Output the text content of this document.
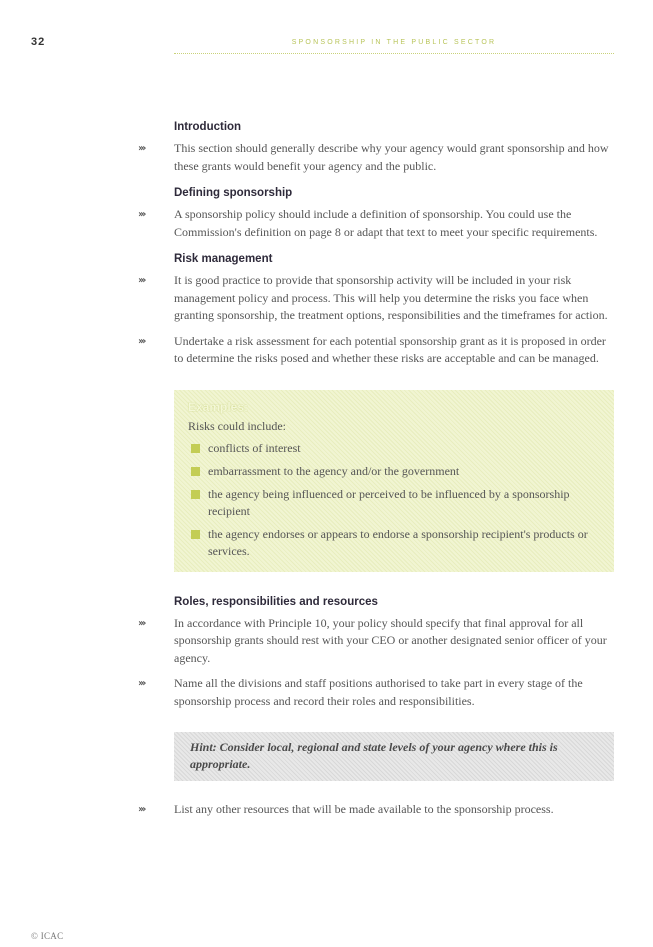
32	SPONSORSHIP IN THE PUBLIC SECTOR
Introduction
››› This section should generally describe why your agency would grant sponsorship and how these grants would benefit your agency and the public.
Defining sponsorship
››› A sponsorship policy should include a definition of sponsorship. You could use the Commission's definition on page 8 or adapt that text to meet your specific requirements.
Risk management
››› It is good practice to provide that sponsorship activity will be included in your risk management policy and process. This will help you determine the risks you face when granting sponsorship, the treatment options, responsibilities and the timeframes for action.
››› Undertake a risk assessment for each potential sponsorship grant as it is proposed in order to determine the risks posed and whether these risks are acceptable and can be managed.
Examples:
Risks could include:
conflicts of interest
embarrassment to the agency and/or the government
the agency being influenced or perceived to be influenced by a sponsorship recipient
the agency endorses or appears to endorse a sponsorship recipient's products or services.
Roles, responsibilities and resources
››› In accordance with Principle 10, your policy should specify that final approval for all sponsorship grants should rest with your CEO or another designated senior officer of your agency.
››› Name all the divisions and staff positions authorised to take part in every stage of the sponsorship process and record their roles and responsibilities.
Hint: Consider local, regional and state levels of your agency where this is appropriate.
››› List any other resources that will be made available to the sponsorship process.
© ICAC
